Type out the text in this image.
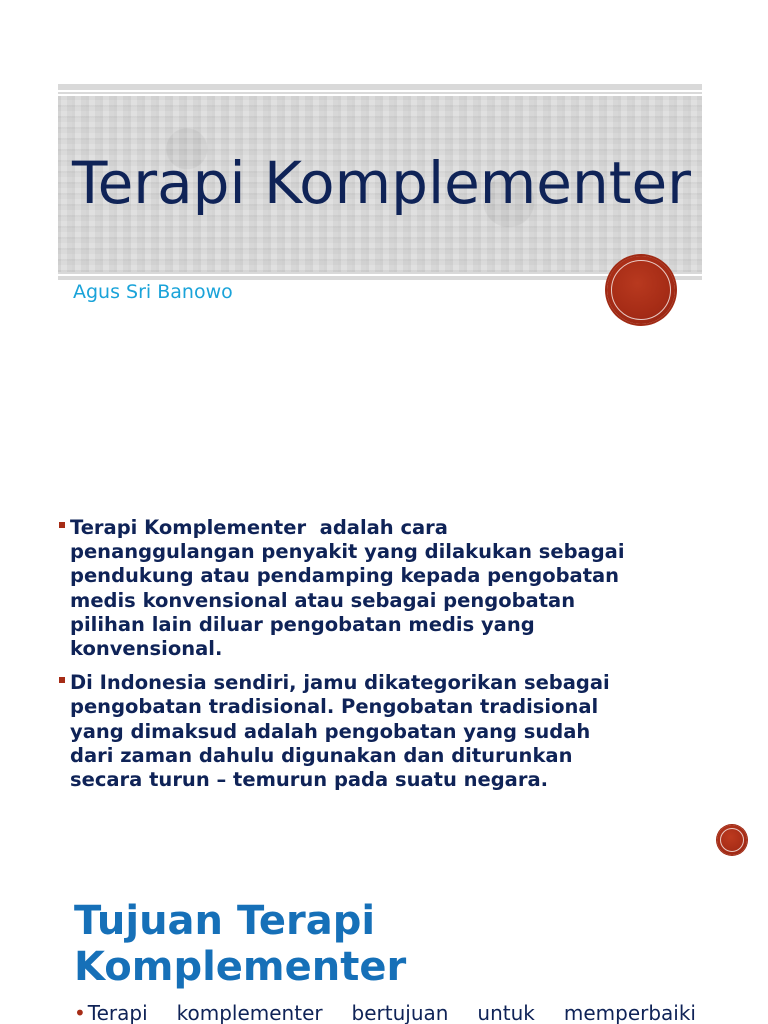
Terapi Komplementer

Agus Sri Banowo

Terapi Komplementer  adalah cara
penanggulangan penyakit yang dilakukan sebagai
pendukung atau pendamping kepada pengobatan
medis konvensional atau sebagai pengobatan
pilihan lain diluar pengobatan medis yang
konvensional.
Di Indonesia sendiri, jamu dikategorikan sebagai
pengobatan tradisional. Pengobatan tradisional
yang dimaksud adalah pengobatan yang sudah
dari zaman dahulu digunakan dan diturunkan
secara turun – temurun pada suatu negara.
Tujuan Terapi
Komplementer

• Terapi komplementer bertujuan untuk memperbaiki
